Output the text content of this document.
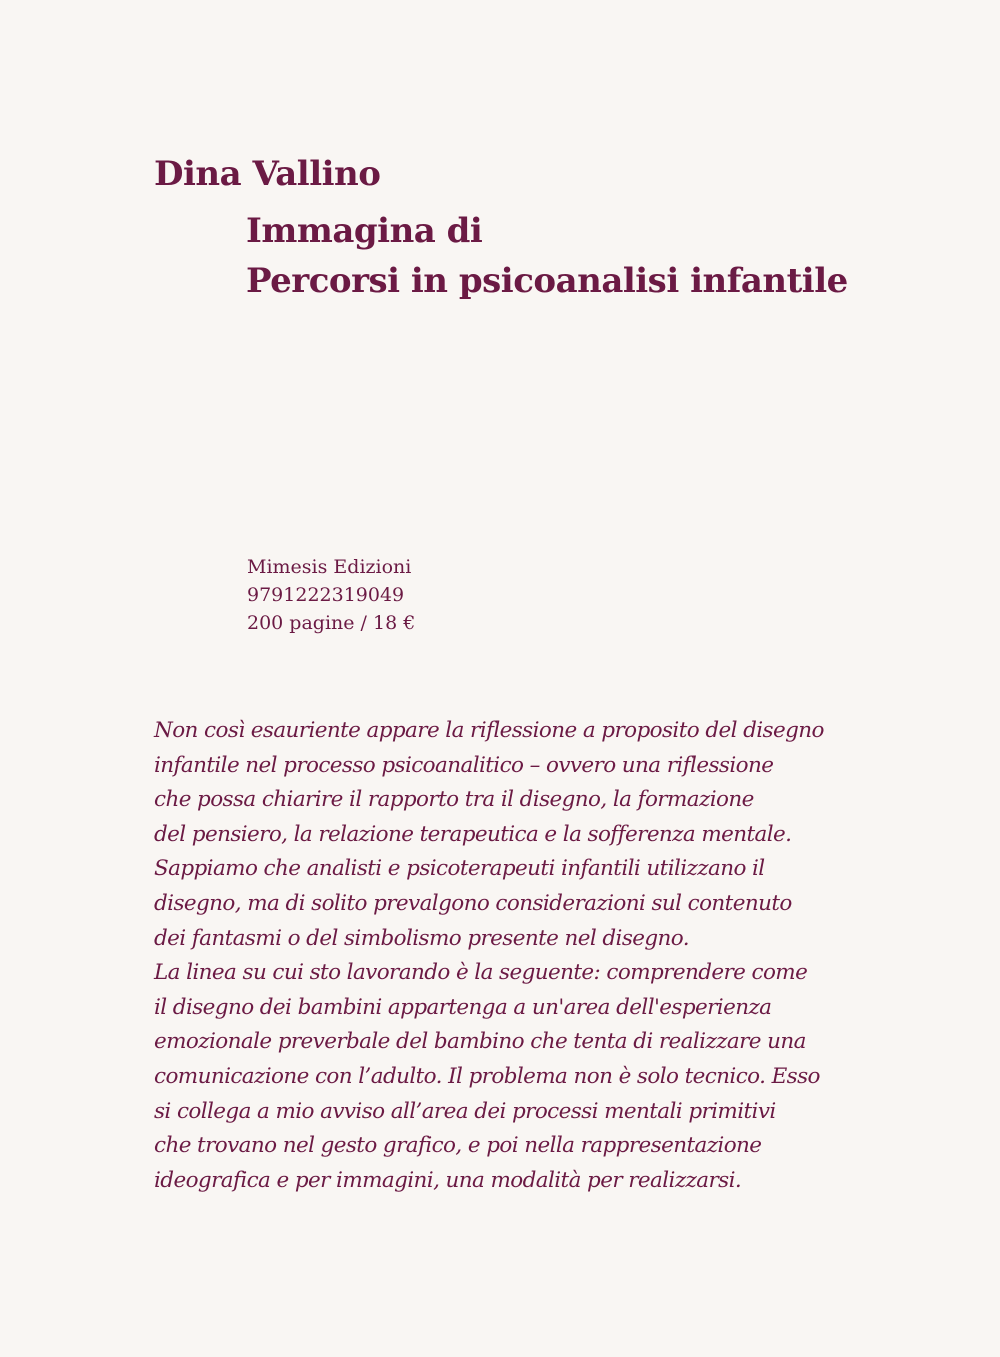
Dina Vallino
Immagina di
Percorsi in psicoanalisi infantile
Mimesis Edizioni
9791222319049
200 pagine / 18 €
Non così esauriente appare la riflessione a proposito del disegno
infantile nel processo psicoanalitico – ovvero una riflessione
che possa chiarire il rapporto tra il disegno, la formazione
del pensiero, la relazione terapeutica e la sofferenza mentale.
Sappiamo che analisti e psicoterapeuti infantili utilizzano il
disegno, ma di solito prevalgono considerazioni sul contenuto
dei fantasmi o del simbolismo presente nel disegno.
La linea su cui sto lavorando è la seguente: comprendere come
il disegno dei bambini appartenga a un'area dell'esperienza
emozionale preverbale del bambino che tenta di realizzare una
comunicazione con l’adulto. Il problema non è solo tecnico. Esso
si collega a mio avviso all’area dei processi mentali primitivi
che trovano nel gesto grafico, e poi nella rappresentazione
ideografica e per immagini, una modalità per realizzarsi.
